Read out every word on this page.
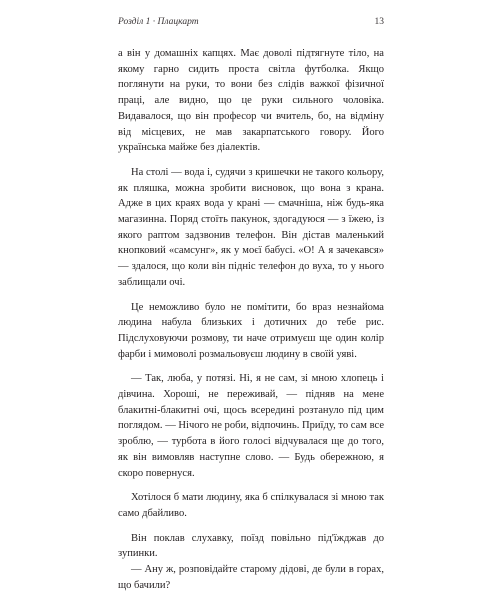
Розділ 1 · Плацкарт	13

а він у домашніх капцях. Має доволі підтягнуте тіло, на якому гарно сидить проста світла футболка. Якщо поглянути на руки, то вони без слідів важкої фізичної праці, але видно, що це руки сильного чоловіка. Видавалося, що він професор чи вчитель, бо, на відміну від місцевих, не мав закарпатського говору. Його українська майже без діалектів.

На столі — вода і, судячи з кришечки не такого кольору, як пляшка, можна зробити висновок, що вона з крана. Адже в цих краях вода у крані — смачніша, ніж будь-яка магазинна. Поряд стоїть пакунок, здогадуюся — з їжею, із якого раптом задзвонив телефон. Він дістав маленький кнопковий «самсунг», як у моєї бабусі. «О! А я зачекався» — здалося, що коли він підніс телефон до вуха, то у нього заблищали очі.

Це неможливо було не помітити, бо враз незнайома людина набула близьких і дотичних до тебе рис. Підслуховуючи розмову, ти наче отримуєш ще один колір фарби і мимоволі розмальовуєш людину в своїй уяві.

— Так, люба, у потязі. Ні, я не сам, зі мною хлопець і дівчина. Хороші, не переживай, — підняв на мене блакитні-блакитні очі, щось всередині розтануло під цим поглядом. — Нічого не роби, відпочинь. Приїду, то сам все зроблю, — турбота в його голосі відчувалася ще до того, як він вимовляв наступне слово. — Будь обережною, я скоро повернуся.

Хотілося б мати людину, яка б спілкувалася зі мною так само дбайливо.

Він поклав слухавку, поїзд повільно під'їжджав до зупинки.

— Ану ж, розповідайте старому дідові, де були в горах, що бачили?
